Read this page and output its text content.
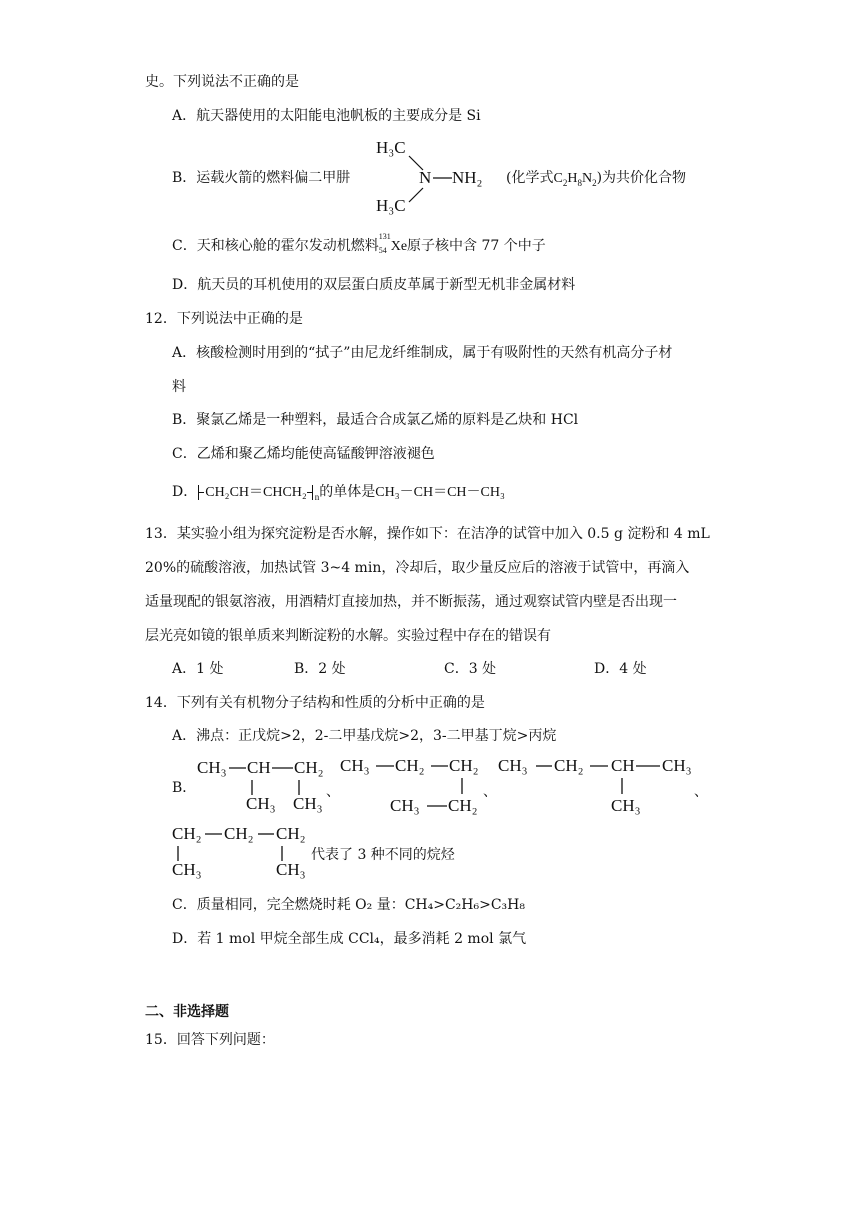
史。下列说法不正确的是
A．航天器使用的太阳能电池帆板的主要成分是 Si
B．运载火箭的燃料偏二甲肼
H₃C
H₃C
N NH₂ (化学式$C_2H_8N_2$)为共价化合物
C．天和核心舱的霍尔发动机燃料
131
54 Xe原子核中含 77 个中子
D．航天员的耳机使用的双层蛋白质皮革属于新型无机非金属材料
12．下列说法中正确的是
A．核酸检测时用到的“拭子”由尼龙纤维制成，属于有吸附性的天然有机高分子材
料
B．聚氯乙烯是一种塑料，最适合合成氯乙烯的原料是乙炔和 HCl
C．乙烯和聚乙烯均能使高锰酸钾溶液褪色
D． CH₂CH＝CHCH₂ $_n$的单体是CH₃－CH＝CH－CH₃
13．某实验小组为探究淀粉是否水解，操作如下：在洁净的试管中加入 0.5 g 淀粉和 4 mL
20%的硫酸溶液，加热试管 3~4 min，冷却后，取少量反应后的溶液于试管中，再滴入
适量现配的银氨溶液，用酒精灯直接加热，并不断振荡，通过观察试管内壁是否出现一
层光亮如镜的银单质来判断淀粉的水解。实验过程中存在的错误有
A．1 处	B．2 处	C．3 处	D．4 处
14．下列有关有机物分子结构和性质的分析中正确的是
A．沸点：正戊烷>2，2-二甲基戊烷>2，3-二甲基丁烷>丙烷
B．
CH₃ CH CH₂
CH₃ CH₃
、
CH₃ CH₂ CH₂
CH₃ CH₂
、
CH₃ CH₂ CH CH₃
CH₃
、
CH₂ CH₂ CH₂
CH₃	CH₃
代表了 3 种不同的烷烃
C．质量相同，完全燃烧时耗 O₂ 量：CH₄>C₂H₆>C₃H₈
D．若 1 mol 甲烷全部生成 CCl₄，最多消耗 2 mol 氯气
二、非选择题
15．回答下列问题：
